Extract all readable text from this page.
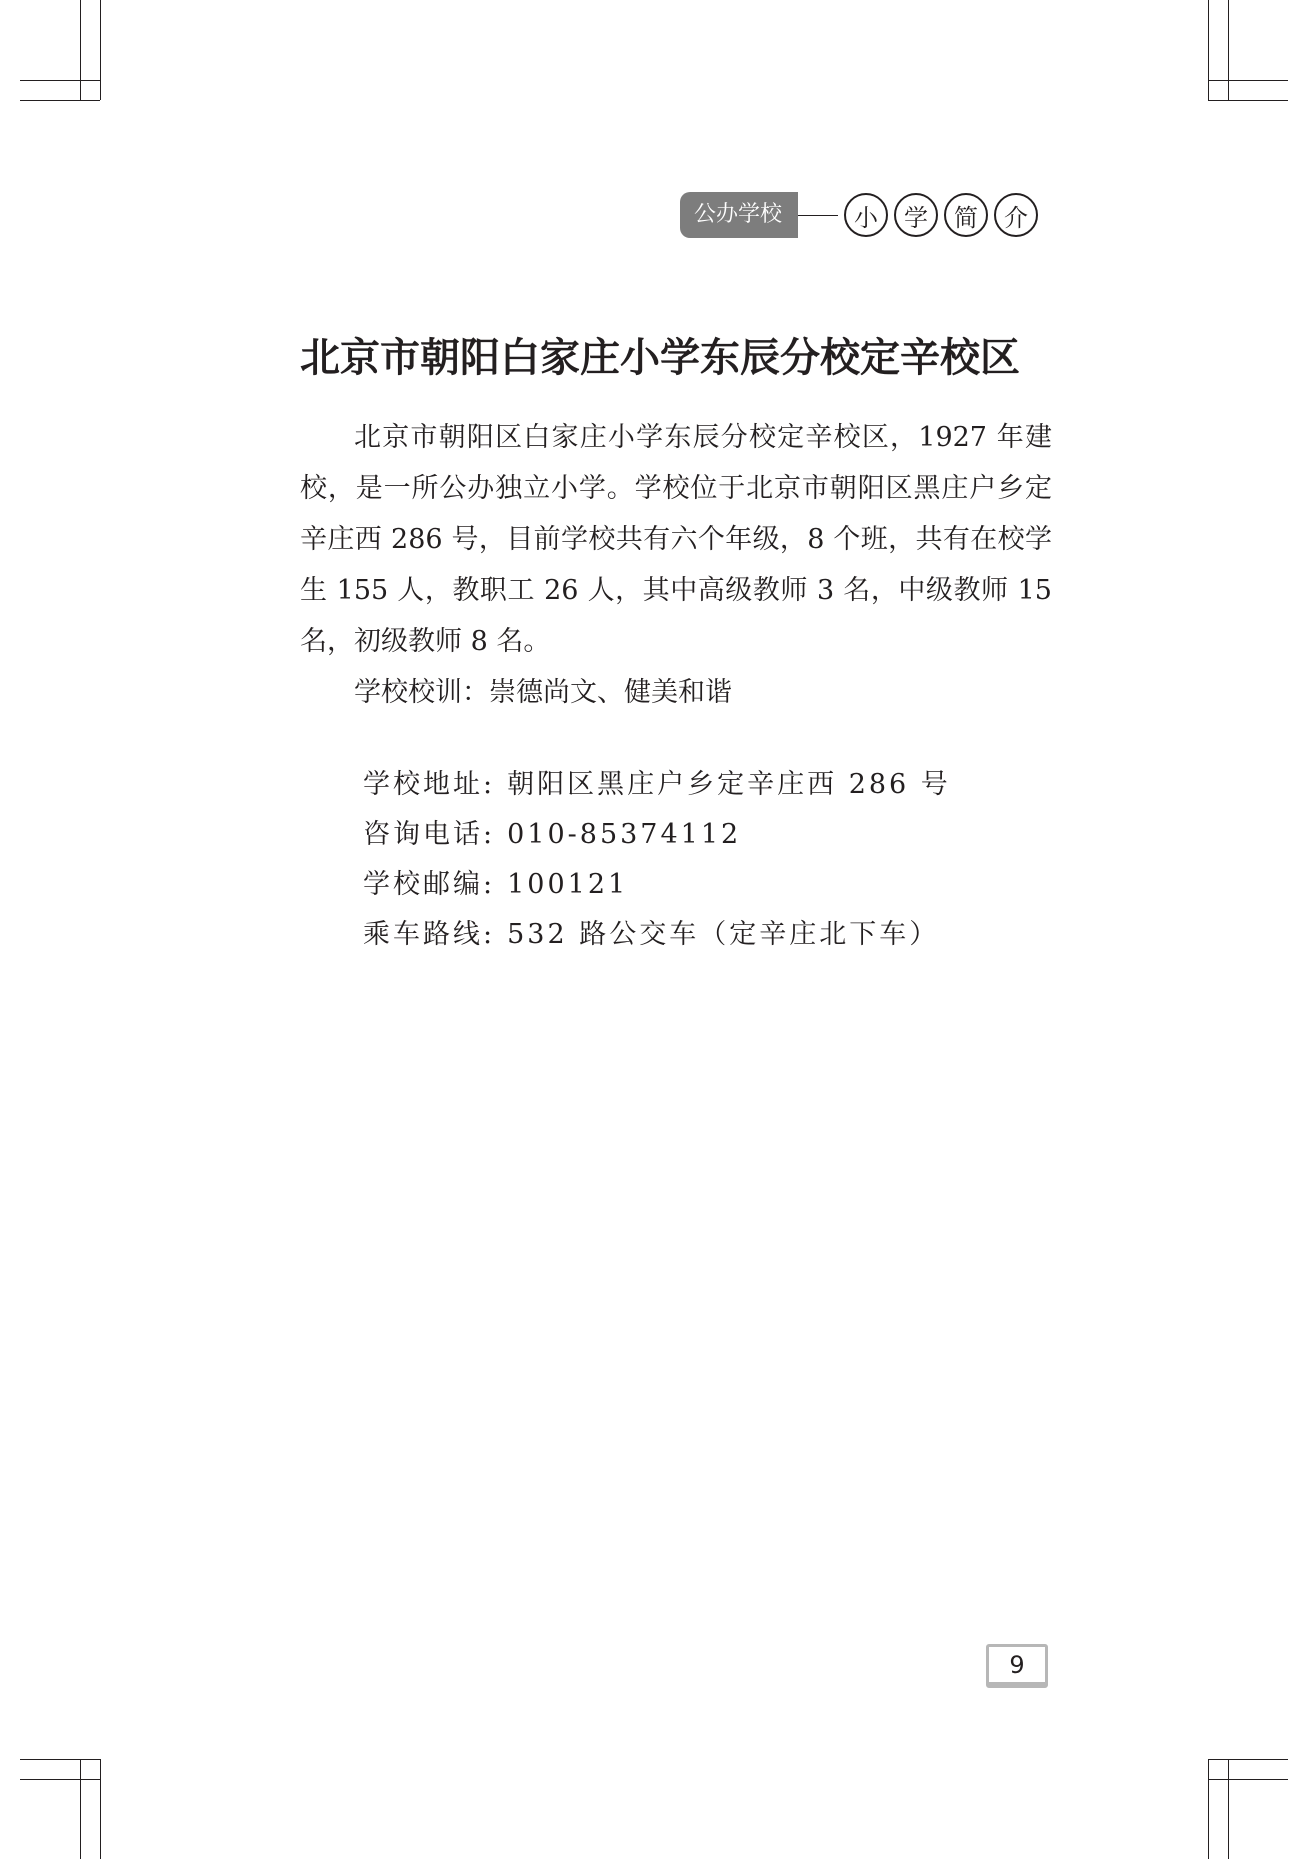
公办学校	小	学	简	介
北京市朝阳白家庄小学东辰分校定辛校区

北京市朝阳区白家庄小学东辰分校定辛校区，1927 年建校，是一所公办独立小学。学校位于北京市朝阳区黑庄户乡定辛庄西 286 号，目前学校共有六个年级，8 个班，共有在校学生 155 人，教职工 26 人，其中高级教师 3 名，中级教师 15 名，初级教师 8 名。

学校校训：崇德尚文、健美和谐

学校地址: 朝阳区黑庄户乡定辛庄西 286 号
咨询电话: 010-85374112
学校邮编: 100121
乘车路线: 532 路公交车（定辛庄北下车）
9
